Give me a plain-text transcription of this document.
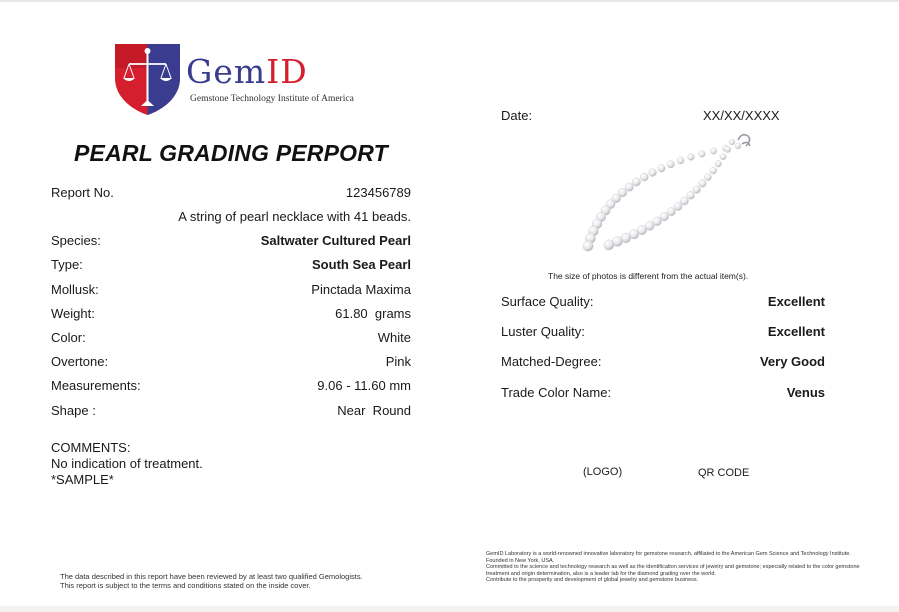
GemID
Gemstone Technology Institute of America
PEARL GRADING PERPORT
Report No.	123456789
A string of pearl necklace with 41 beads.
Species:	Saltwater Cultured Pearl
Type:	South Sea Pearl
Mollusk:	Pinctada Maxima
Weight:	61.80  grams
Color:	White
Overtone:	Pink
Measurements:	9.06 - 11.60 mm
Shape :	Near  Round
COMMENTS:
No indication of treatment.
*SAMPLE*
The data described in this report have been reviewed by at least two qualified Gemologists.
This report is subject to the terms and conditions stated on the inside cover.
Date:	XX/XX/XXXX
The size of photos is different from the actual item(s).
Surface Quality:	Excellent
Luster Quality:	Excellent
Matched-Degree:	Very Good
Trade Color Name:	Venus
(LOGO)	QR CODE
GemID Laboratory is a world-renowned innovative laboratory for gemstone research, affiliated to the American Gem Science and Technology Institute.
Founded in New York, USA.
Committed to the science and technology research as well as the identification services of jewelry and gemstone; especially related to the color gemstone
treatment and origin determination, also is a leader lab for the diamond grading over the world.
Contribute to the prosperity and development of global jewelry and gemstone business.
